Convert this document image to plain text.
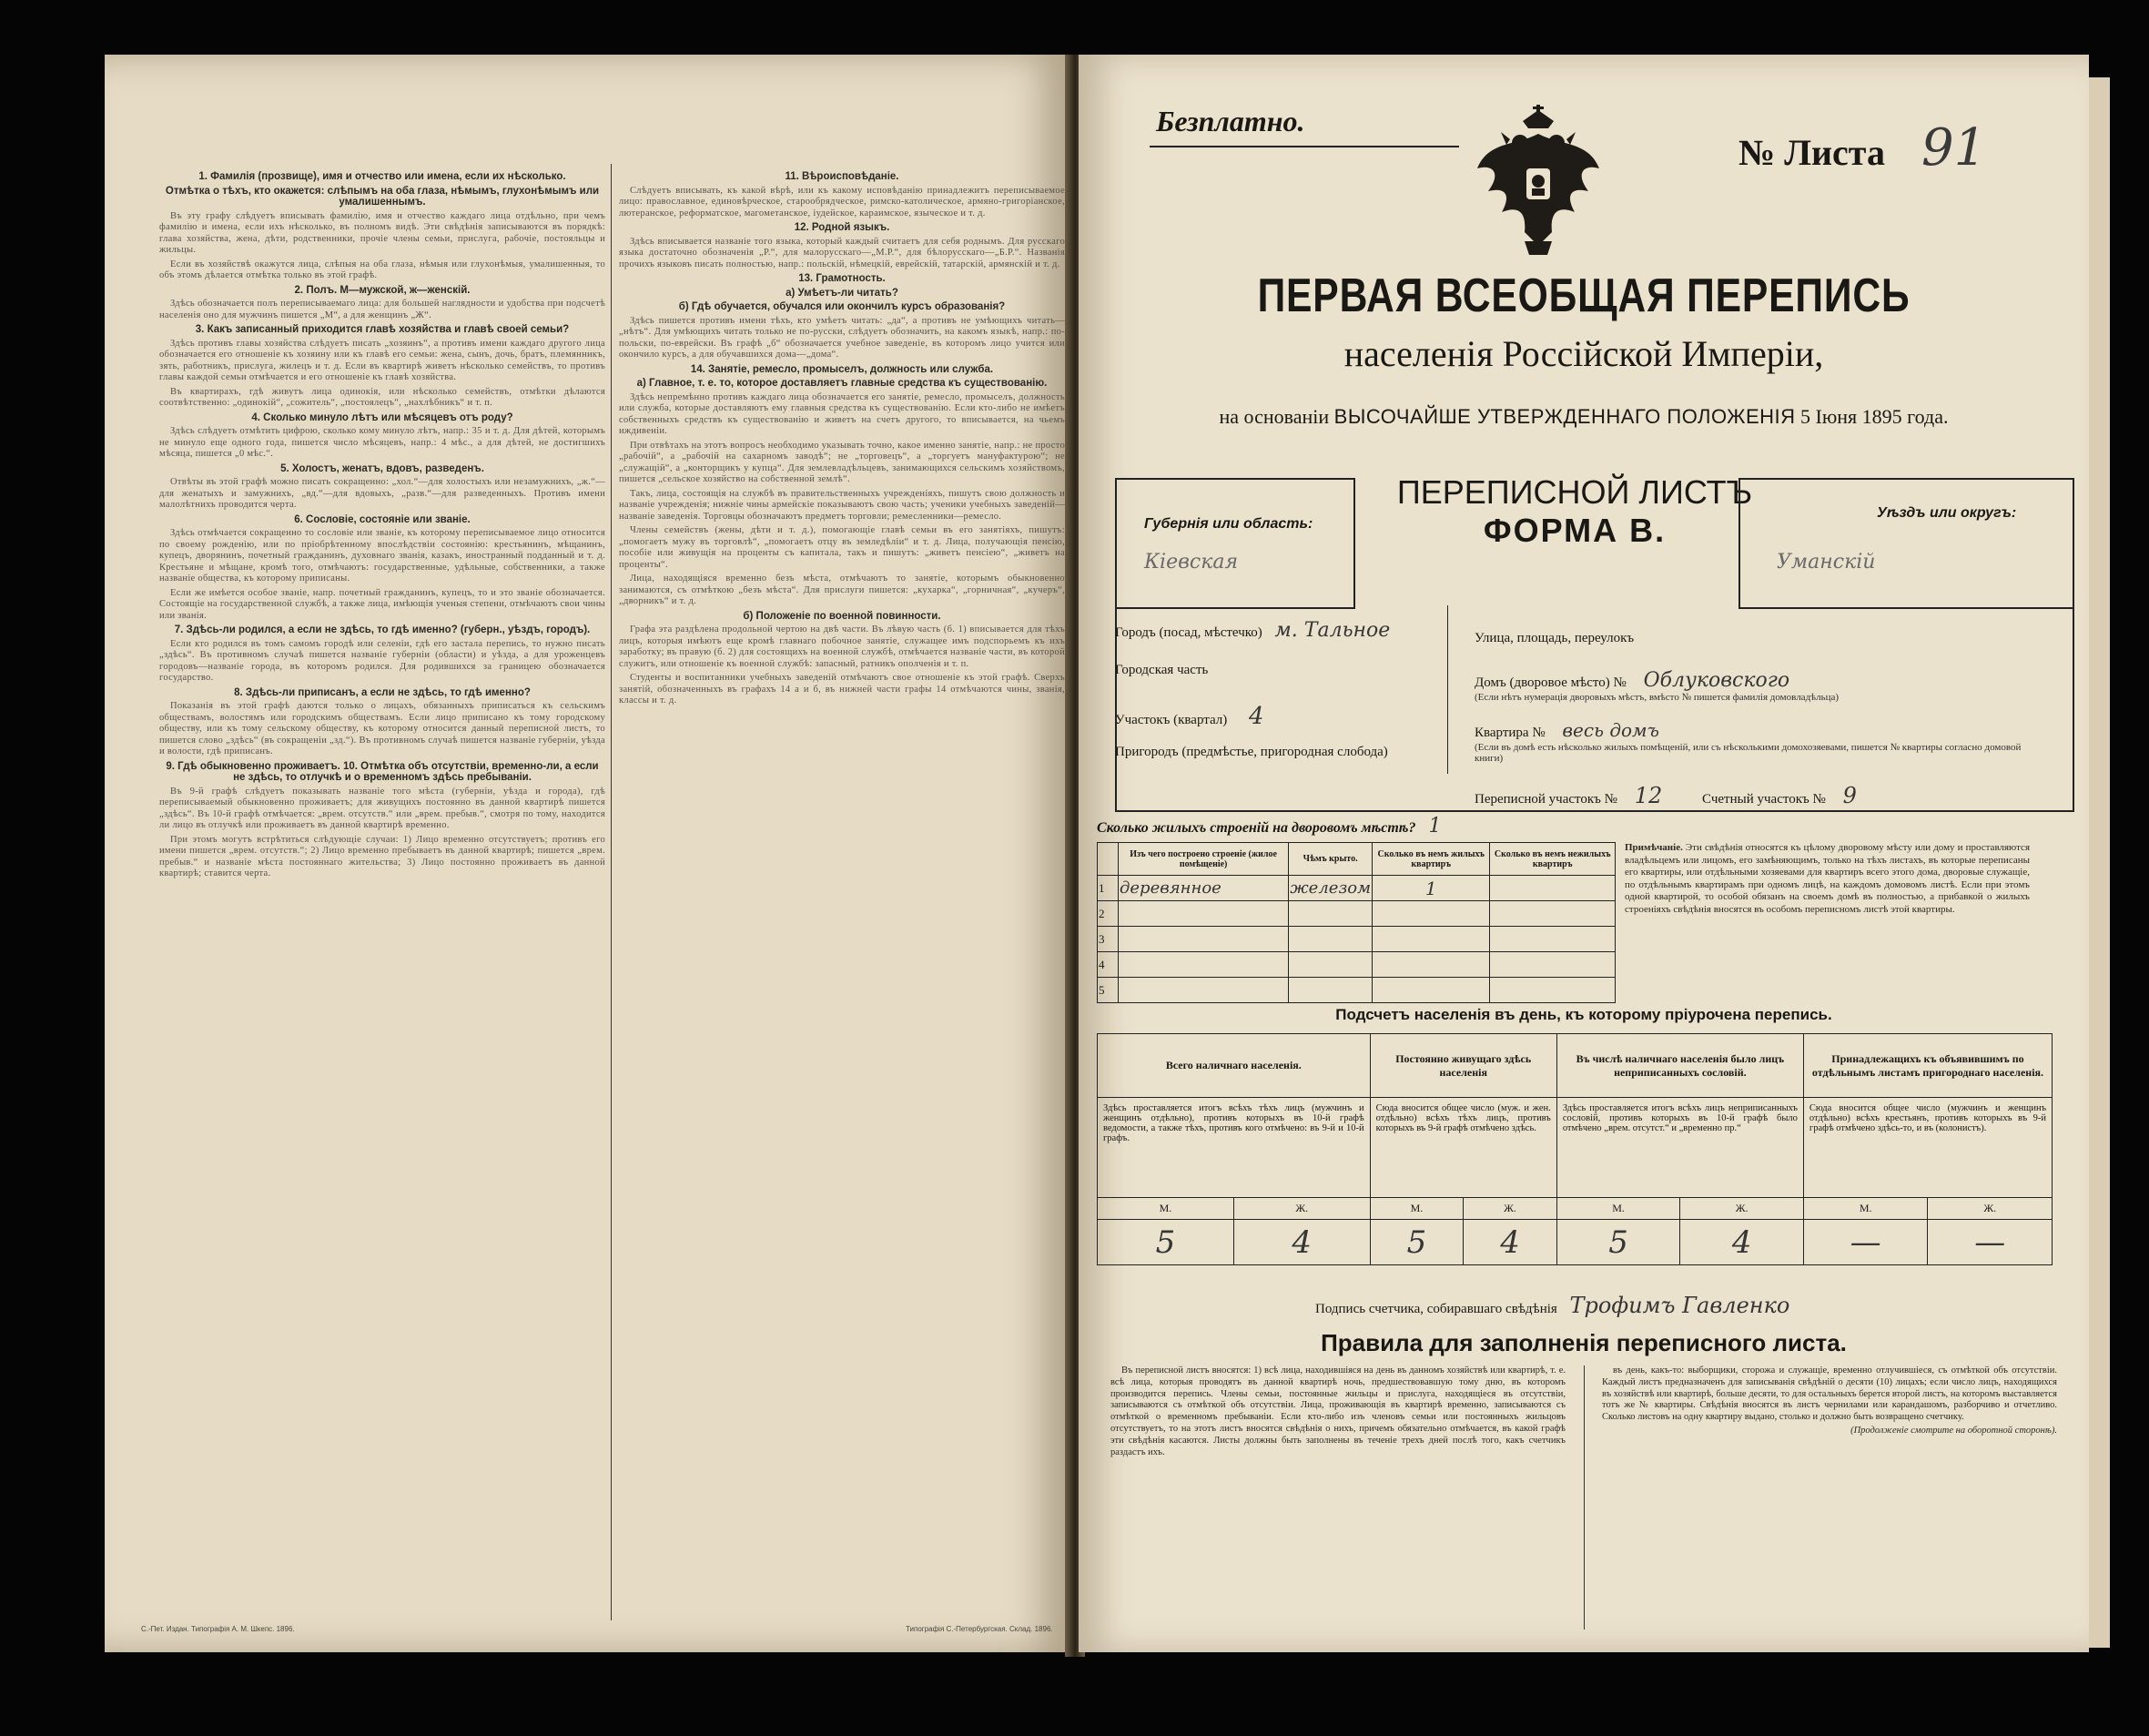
1. Фамилія (прозвище), имя и отчество или имена, если их нѣсколько.
Отмѣтка о тѣхъ, кто окажется: слѣпымъ на оба глаза, нѣмымъ, глухонѣмымъ или умалишеннымъ.

Въ эту графу слѣдуетъ вписывать фамилію, имя и отчество каждаго лица отдѣльно, при чемъ фамилію и имена, если ихъ нѣсколько, въ полномъ видѣ. Эти свѣдѣнія записываются въ порядкѣ: глава хозяйства, жена, дѣти, родственники, прочіе члены семьи, прислуга, рабочіе, постояльцы и жильцы.

Если въ хозяйствѣ окажутся лица, слѣпыя на оба глаза, нѣмыя или глухонѣмыя, умалишенныя, то объ этомъ дѣлается отмѣтка только въ этой графѣ.

2. Полъ. М—мужской, ж—женскій.

Здѣсь обозначается полъ переписываемаго лица: для большей наглядности и удобства при подсчетѣ населенія оно для мужчинъ пишется „М“, а для женщинъ „Ж“.

3. Какъ записанный приходится главѣ хозяйства и главѣ своей семьи?

Здѣсь противъ главы хозяйства слѣдуетъ писать „хозяинъ“, а противъ имени каждаго другого лица обозначается его отношеніе къ хозяину или къ главѣ его семьи: жена, сынъ, дочь, братъ, племянникъ, зять, работникъ, прислуга, жилецъ и т. д. Если въ квартирѣ живетъ нѣсколько семействъ, то противъ главы каждой семьи отмѣчается и его отношеніе къ главѣ хозяйства.

Въ квартирахъ, гдѣ живутъ лица одинокія, или нѣсколько семействъ, отмѣтки дѣлаются соотвѣтственно: „одинокій“, „сожитель“, „постоялецъ“, „нахлѣбникъ“ и т. п.

4. Сколько минуло лѣтъ или мѣсяцевъ отъ роду?

Здѣсь слѣдуетъ отмѣтить цифрою, сколько кому минуло лѣтъ, напр.: 35 и т. д. Для дѣтей, которымъ не минуло еще одного года, пишется число мѣсяцевъ, напр.: 4 мѣс., а для дѣтей, не достигшихъ мѣсяца, пишется „0 мѣс.“.

5. Холостъ, женатъ, вдовъ, разведенъ.

Отвѣты въ этой графѣ можно писать сокращенно: „хол.“—для холостыхъ или незамужнихъ, „ж.“—для женатыхъ и замужнихъ, „вд.“—для вдовыхъ, „разв.“—для разведенныхъ. Противъ имени малолѣтнихъ проводится черта.

6. Сословіе, состояніе или званіе.

Здѣсь отмѣчается сокращенно то сословіе или званіе, къ которому переписываемое лицо относится по своему рожденію, или по пріобрѣтенному впослѣдствіи состоянію: крестьянинъ, мѣщанинъ, купецъ, дворянинъ, почетный гражданинъ, духовнаго званія, казакъ, иностранный подданный и т. д. Крестьяне и мѣщане, кромѣ того, отмѣчаютъ: государственные, удѣльные, собственники, а также названіе общества, къ которому приписаны.

Если же имѣется особое званіе, напр. почетный гражданинъ, купецъ, то и это званіе обозначается. Состоящіе на государственной службѣ, а также лица, имѣющія ученыя степени, отмѣчаютъ свои чины или званія.

7. Здѣсь-ли родился, а если не здѣсь, то гдѣ именно? (губерн., уѣздъ, городъ).

Если кто родился въ томъ самомъ городѣ или селеніи, гдѣ его застала перепись, то нужно писать „здѣсь“. Въ противномъ случаѣ пишется названіе губерніи (области) и уѣзда, а для уроженцевъ городовъ—названіе города, въ которомъ родился. Для родившихся за границею обозначается государство.

8. Здѣсь-ли приписанъ, а если не здѣсь, то гдѣ именно?

Показанія въ этой графѣ даются только о лицахъ, обязанныхъ приписаться къ сельскимъ обществамъ, волостямъ или городскимъ обществамъ. Если лицо приписано къ тому городскому обществу, или къ тому сельскому обществу, къ которому относится данный переписной листъ, то пишется слово „здѣсь“ (въ сокращеніи „зд.“). Въ противномъ случаѣ пишется названіе губерніи, уѣзда и волости, гдѣ приписанъ.

9. Гдѣ обыкновенно проживаетъ. 10. Отмѣтка объ отсутствіи, временно-ли, а если не здѣсь, то отлучкѣ и о временномъ здѣсь пребываніи.

Въ 9-й графѣ слѣдуетъ показывать названіе того мѣста (губерніи, уѣзда и города), гдѣ переписываемый обыкновенно проживаетъ; для живущихъ постоянно въ данной квартирѣ пишется „здѣсь“. Въ 10-й графѣ отмѣчается: „врем. отсутств.“ или „врем. пребыв.“, смотря по тому, находится ли лицо въ отлучкѣ или проживаетъ въ данной квартирѣ временно.

При этомъ могутъ встрѣтиться слѣдующіе случаи: 1) Лицо временно отсутствуетъ; противъ его имени пишется „врем. отсутств.“; 2) Лицо временно пребываетъ въ данной квартирѣ; пишется „врем. пребыв.“ и названіе мѣста постояннаго жительства; 3) Лицо постоянно проживаетъ въ данной квартирѣ; ставится черта.

11. Вѣроисповѣданіе.

Слѣдуетъ вписывать, къ какой вѣрѣ, или къ какому исповѣданію принадлежитъ переписываемое лицо: православное, единовѣрческое, старообрядческое, римско-католическое, армяно-григоріанское, лютеранское, реформатское, магометанское, іудейское, караимское, языческое и т. д.

12. Родной языкъ.

Здѣсь вписывается названіе того языка, который каждый считаетъ для себя роднымъ. Для русскаго языка достаточно обозначенія „Р.“, для малорусскаго—„М.Р.“, для бѣлорусскаго—„Б.Р.“. Названія прочихъ языковъ писать полностью, напр.: польскій, нѣмецкій, еврейскій, татарскій, армянскій и т. д.

13. Грамотность.
а) Умѣетъ-ли читать?
б) Гдѣ обучается, обучался или окончилъ курсъ образованія?

Здѣсь пишется противъ имени тѣхъ, кто умѣетъ читать: „да“, а противъ не умѣющихъ читать—„нѣтъ“. Для умѣющихъ читать только не по-русски, слѣдуетъ обозначить, на какомъ языкѣ, напр.: по-польски, по-еврейски. Въ графѣ „б“ обозначается учебное заведеніе, въ которомъ лицо учится или окончило курсъ, а для обучавшихся дома—„дома“.

14. Занятіе, ремесло, промыселъ, должность или служба.
а) Главное, т. е. то, которое доставляетъ главные средства къ существованію.

Здѣсь непремѣнно противъ каждаго лица обозначается его занятіе, ремесло, промыселъ, должность или служба, которые доставляютъ ему главныя средства къ существованію. Если кто-либо не имѣетъ собственныхъ средствъ къ существованію и живетъ на счетъ другого, то вписывается, на чьемъ иждивеніи.

При отвѣтахъ на этотъ вопросъ необходимо указывать точно, какое именно занятіе, напр.: не просто „рабочій“, а „рабочій на сахарномъ заводѣ“; не „торговецъ“, а „торгуетъ мануфактурою“; не „служащій“, а „конторщикъ у купца“. Для землевладѣльцевъ, занимающихся сельскимъ хозяйствомъ, пишется „сельское хозяйство на собственной землѣ“.

Такъ, лица, состоящія на службѣ въ правительственныхъ учрежденіяхъ, пишутъ свою должность и названіе учрежденія; нижніе чины армейскіе показываютъ свою часть; ученики учебныхъ заведеній—названіе заведенія. Торговцы обозначаютъ предметъ торговли; ремесленники—ремесло.

Члены семействъ (жены, дѣти и т. д.), помогающіе главѣ семьи въ его занятіяхъ, пишутъ: „помогаетъ мужу въ торговлѣ“, „помогаетъ отцу въ земледѣліи“ и т. д. Лица, получающія пенсію, пособіе или живущія на проценты съ капитала, такъ и пишутъ: „живетъ пенсіею“, „живетъ на проценты“.

Лица, находящіяся временно безъ мѣста, отмѣчаютъ то занятіе, которымъ обыкновенно занимаются, съ отмѣткою „безъ мѣста“. Для прислуги пишется: „кухарка“, „горничная“, „кучеръ“, „дворникъ“ и т. д.

б) Положеніе по военной повинности.

Графа эта раздѣлена продольной чертою на двѣ части. Въ лѣвую часть (б. 1) вписывается для тѣхъ лицъ, которыя имѣютъ еще кромѣ главнаго побочное занятіе, служащее имъ подспорьемъ къ ихъ заработку; въ правую (б. 2) для состоящихъ на военной службѣ, отмѣчается названіе части, въ которой служитъ, или отношеніе къ военной службѣ: запасный, ратникъ ополченія и т. п.

Студенты и воспитанники учебныхъ заведеній отмѣчаютъ свое отношеніе къ этой графѣ. Сверхъ занятій, обозначенныхъ въ графахъ 14 а и б, въ нижней части графы 14 отмѣчаются чины, званія, классы и т. д.

С.-Пет. Издан. Типографія А. М. Шкепс. 1896.	Типографія С.-Петербургская. Склад. 1896.
Безплатно.
№ Листа 91
ПЕРВАЯ ВСЕОБЩАЯ ПЕРЕПИСЬ
населенія Россійской Имперіи,
на основаніи ВЫСОЧАЙШЕ УТВЕРЖДЕННАГО ПОЛОЖЕНІЯ 5 Іюня 1895 года.
Губернія или область:
Кіевская
ПЕРЕПИСНОЙ ЛИСТЪ
ФОРМА В.	Уѣздъ или округъ:
Уманскій
Городъ (посад, мѣстечко) м. Тальное
Городская часть
Участокъ (квартал) 4
Пригородъ (предмѣстье, пригородная слобода)
Улица, площадь, переулокъ
Домъ (дворовое мѣсто) № Облуковского
(Если нѣтъ нумерація дворовыхъ мѣстъ, вмѣсто № пишется фамилія домовладѣльца)
Квартира № весь домъ
(Если въ домѣ есть нѣсколько жилыхъ помѣщеній, или съ нѣсколькими домохозяевами, пишется № квартиры согласно домовой книги)
Переписной участокъ № 12	Счетный участокъ № 9
Сколько жилыхъ строеній на дворовомъ мѣстѣ? 1
	Изъ чего построено строеніе (жилое помѣщеніе)	Чѣмъ крыто.	Сколько въ немъ жилыхъ квартиръ	Сколько въ немъ нежилыхъ квартиръ
1	деревянное	железом	1	
2				
3				
4				
5				
Примѣчаніе. Эти свѣдѣнія относятся къ цѣлому дворовому мѣсту или дому и проставляются владѣльцемъ или лицомъ, его замѣняющимъ, только на тѣхъ листахъ, въ которые переписаны его квартиры, или отдѣльными хозяевами для квартиръ всего этого дома, дворовые служащіе, по отдѣльнымъ квартирамъ при одномъ лицѣ, на каждомъ домовомъ листѣ. Если при этомъ одной квартирой, то особой обязанъ на своемъ домѣ въ полностью, а прибавкой о жилыхъ строеніяхъ свѣдѣнія вносятся въ особомъ переписномъ листѣ этой квартиры.
Подсчетъ населенія въ день, къ которому пріурочена перепись.
Всего наличнаго населенія.		Постоянно живущаго здѣсь населенія		Въ числѣ наличнаго населенія было лицъ неприписанныхъ сословій.		Принадлежащихъ къ объявившимъ по отдѣльнымъ листамъ пригороднаго населенія.	
Здѣсь проставляется итогъ всѣхъ тѣхъ лицъ (мужчинъ и женщинъ отдѣльно), противъ которыхъ въ 10-й графѣ ведомости, а также тѣхъ, противъ кого отмѣчено: въ 9-й и 10-й графъ.		Сюда вносится общее число (муж. и жен. отдѣльно) всѣхъ тѣхъ лицъ, противъ которыхъ въ 9-й графѣ отмѣчено здѣсь.		Здѣсь проставляется итогъ всѣхъ лицъ неприписанныхъ сословій, противъ которыхъ въ 10-й графѣ было отмѣчено „врем. отсутст.“ и „временно пр.“		Сюда вносится общее число (мужчинъ и женщинъ отдѣльно) всѣхъ крестьянъ, противъ которыхъ въ 9-й графѣ отмѣчено здѣсь-то, и въ (колонистъ).	
М.	Ж.	М.	Ж.	М.	Ж.	М.	Ж.
5	4	5	4	5	4	—	—
Подпись счетчика, собиравшаго свѣдѣнія Трофимъ Гавленко
Правила для заполненія переписного листа.

Въ переписной листъ вносятся: 1) всѣ лица, находившіяся на день въ данномъ хозяйствѣ или квартирѣ, т. е. всѣ лица, которыя проводятъ въ данной квартирѣ ночь, предшествовавшую тому дню, въ которомъ производится перепись. Члены семьи, постоянные жильцы и прислуга, находящіеся въ отсутствіи, записываются съ отмѣткой объ отсутствіи. Лица, проживающія въ квартирѣ временно, записываются съ отмѣткой о временномъ пребываніи. Если кто-либо изъ членовъ семьи или постоянныхъ жильцовъ отсутствуетъ, то на этотъ листъ вносятся свѣдѣнія о нихъ, причемъ обязательно отмѣчается, въ какой графѣ эти свѣдѣнія касаются. Листы должны быть заполнены въ теченіе трехъ дней послѣ того, какъ счетчикъ раздастъ ихъ.

въ день, какъ-то: выборщики, сторожа и служащіе, временно отлучившіеся, съ отмѣткой объ отсутствіи. Каждый листъ предназначенъ для записыванія свѣдѣній о десяти (10) лицахъ; если число лицъ, находящихся въ хозяйствѣ или квартирѣ, больше десяти, то для остальныхъ берется второй листъ, на которомъ выставляется тотъ же № квартиры. Свѣдѣнія вносятся въ листъ чернилами или карандашомъ, разборчиво и отчетливо. Сколько листовъ на одну квартиру выдано, столько и должно быть возвращено счетчику.

(Продолженіе смотрите на оборотной сторонѣ).
